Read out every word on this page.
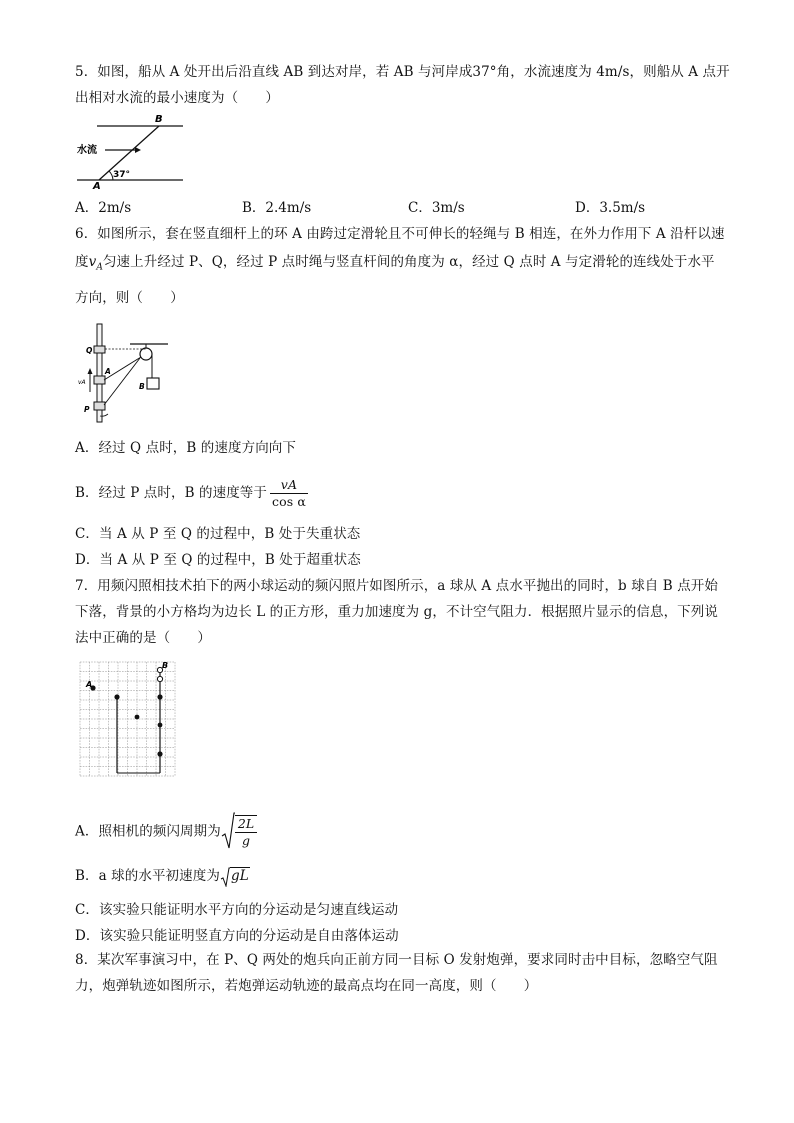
5．如图，船从 A 处开出后沿直线 AB 到达对岸，若 AB 与河岸成37°角，水流速度为 4m/s，则船从 A 点开
出相对水流的最小速度为（　　）
B
A
水流
37°
A．2m/s	B．2.4m/s	C．3m/s	D．3.5m/s
6．如图所示，套在竖直细杆上的环 A 由跨过定滑轮且不可伸长的轻绳与 B 相连，在外力作用下 A 沿杆以速
度$v_A$匀速上升经过 P、Q，经过 P 点时绳与竖直杆间的角度为 α，经过 Q 点时 A 与定滑轮的连线处于水平
方向，则（　　）
Q
A
vA
P
B
A．经过 Q 点时，B 的速度方向向下
B．经过 P 点时，B 的速度等于 $\frac{vA}{\text{cos α}}$
C．当 A 从 P 至 Q 的过程中，B 处于失重状态
D．当 A 从 P 至 Q 的过程中，B 处于超重状态
7．用频闪照相技术拍下的两小球运动的频闪照片如图所示，a 球从 A 点水平抛出的同时，b 球自 B 点开始
下落，背景的小方格均为边长 L 的正方形，重力加速度为 g，不计空气阻力．根据照片显示的信息，下列说
法中正确的是（　　）
A
B
A．照相机的频闪周期为 $\frac{2L}{g}$
B．a 球的水平初速度为 gL
C．该实验只能证明水平方向的分运动是匀速直线运动
D．该实验只能证明竖直方向的分运动是自由落体运动
8．某次军事演习中，在 P、Q 两处的炮兵向正前方同一目标 O 发射炮弹，要求同时击中目标，忽略空气阻
力，炮弹轨迹如图所示，若炮弹运动轨迹的最高点均在同一高度，则（　　）
